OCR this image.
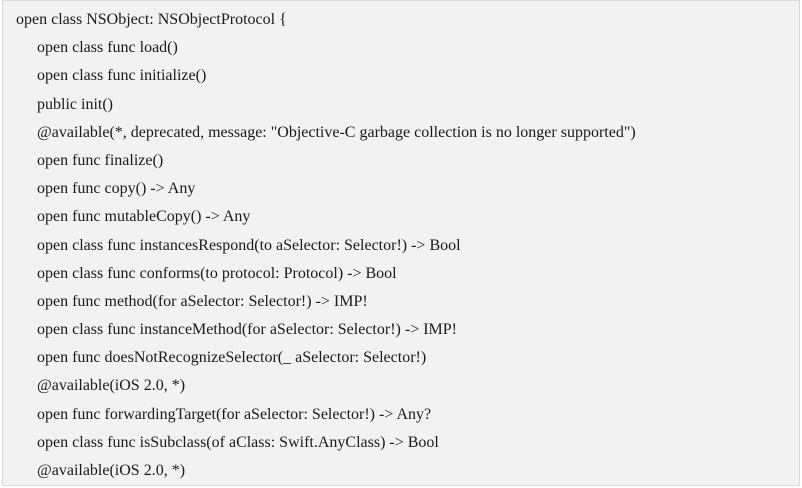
open class NSObject: NSObjectProtocol {
open class func load()
open class func initialize()
public init()
@available(*, deprecated, message: "Objective-C garbage collection is no longer supported")
open func finalize()
open func copy() -> Any
open func mutableCopy() -> Any
open class func instancesRespond(to aSelector: Selector!) -> Bool
open class func conforms(to protocol: Protocol) -> Bool
open func method(for aSelector: Selector!) -> IMP!
open class func instanceMethod(for aSelector: Selector!) -> IMP!
open func doesNotRecognizeSelector(_ aSelector: Selector!)
@available(iOS 2.0, *)
open func forwardingTarget(for aSelector: Selector!) -> Any?
open class func isSubclass(of aClass: Swift.AnyClass) -> Bool
@available(iOS 2.0, *)
